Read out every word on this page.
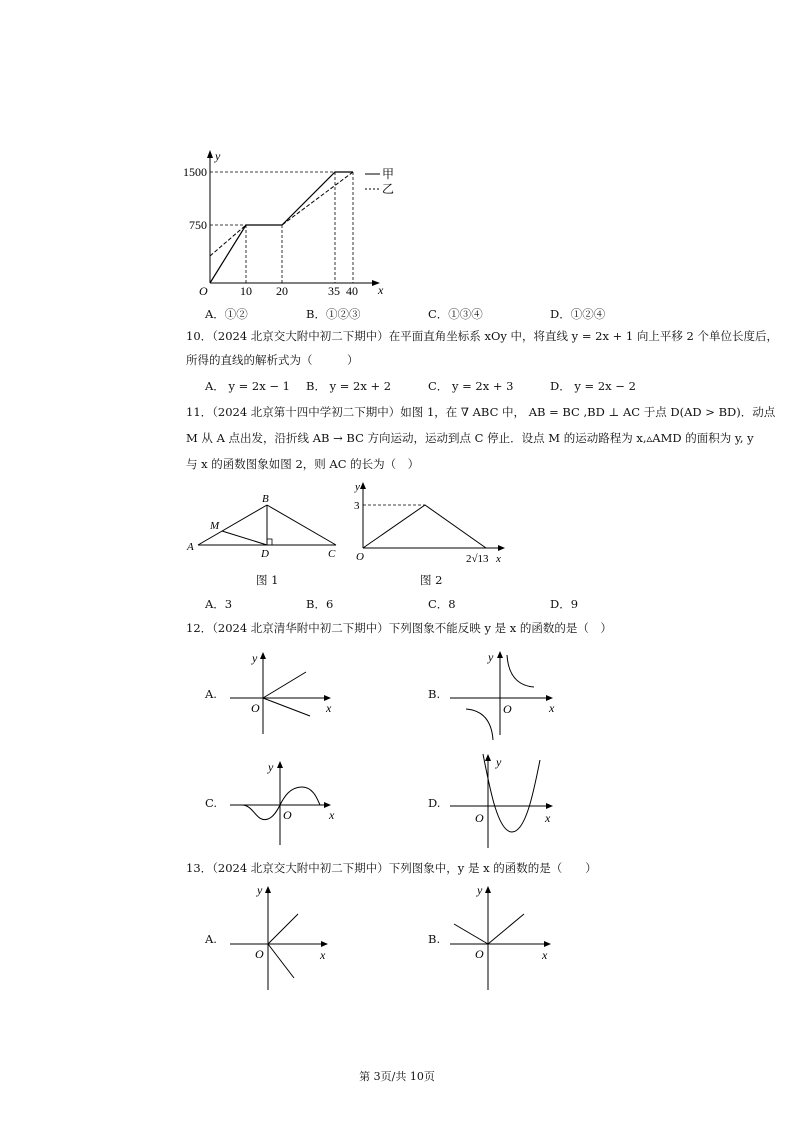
y
x
O
1500
750
10 20	35 40
甲
乙
A．①②	B．①②③	C．①③④	D．①②④
10．（2024 北京交大附中初二下期中）在平面直角坐标系 xOy 中，将直线 y = 2x + 1 向上平移 2 个单位长度后，
所得的直线的解析式为（　　　）
A． y = 2x − 1 B． y = 2x + 2	C． y = 2x + 3	D． y = 2x − 2
11．（2024 北京第十四中学初二下期中）如图 1，在 ∇ ABC 中， AB = BC ,BD ⊥ AC 于点 D(AD > BD)．动点
M 从 A 点出发，沿折线 AB → BC 方向运动，运动到点 C 停止．设点 M 的运动路程为 x,▵AMD 的面积为 y, y
与 x 的函数图象如图 2，则 AC 的长为（　）
A
B
C
D
M
图 1
y
x
O
3
2√13
图 2
A．3	B．6	C．8	D．9
12．（2024 北京清华附中初二下期中）下列图象不能反映 y 是 x 的函数的是（　）
A.
y
x
O
B.
y
x
O
C.
y
x
O
D.
y
x
O
13．（2024 北京交大附中初二下期中）下列图象中，y 是 x 的函数的是（　　）
A.
y
x
O
B.
y
x
O
第 3页/共 10页
